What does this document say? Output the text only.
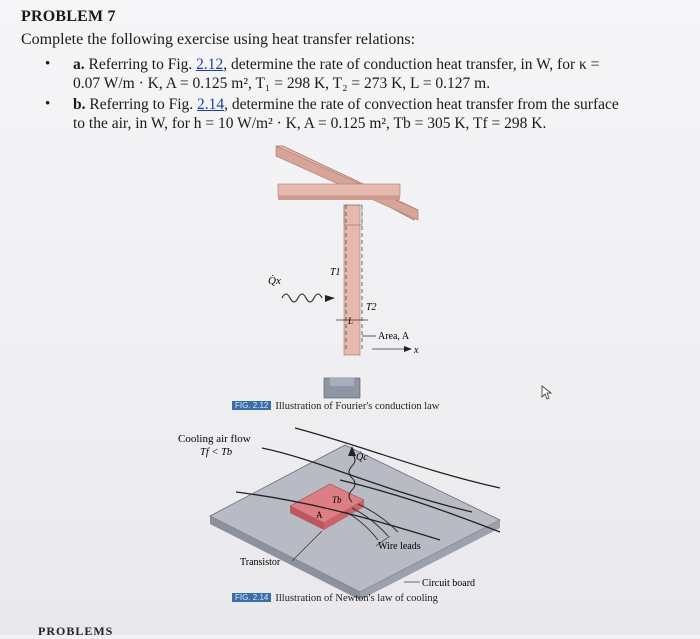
PROBLEM 7
Complete the following exercise using heat transfer relations:
• a. Referring to Fig. 2.12, determine the rate of conduction heat transfer, in W, for κ =
0.07 W/m · K, A = 0.125 m², T₁ = 298 K, T₂ = 273 K, L = 0.127 m.
• b. Referring to Fig. 2.14, determine the rate of convection heat transfer from the surface
to the air, in W, for h = 10 W/m² · K, A = 0.125 m², Tb = 305 K, Tf = 298 K.
Q̇x
T1
T2
L
Area, A
x
Cooling air flow
Tf < Tb	Q̇c
Tb
A
Wire leads
Transistor
Circuit board
FIG. 2.12 Illustration of Fourier's conduction law
FIG. 2.14 Illustration of Newton's law of cooling
PROBLEMS
